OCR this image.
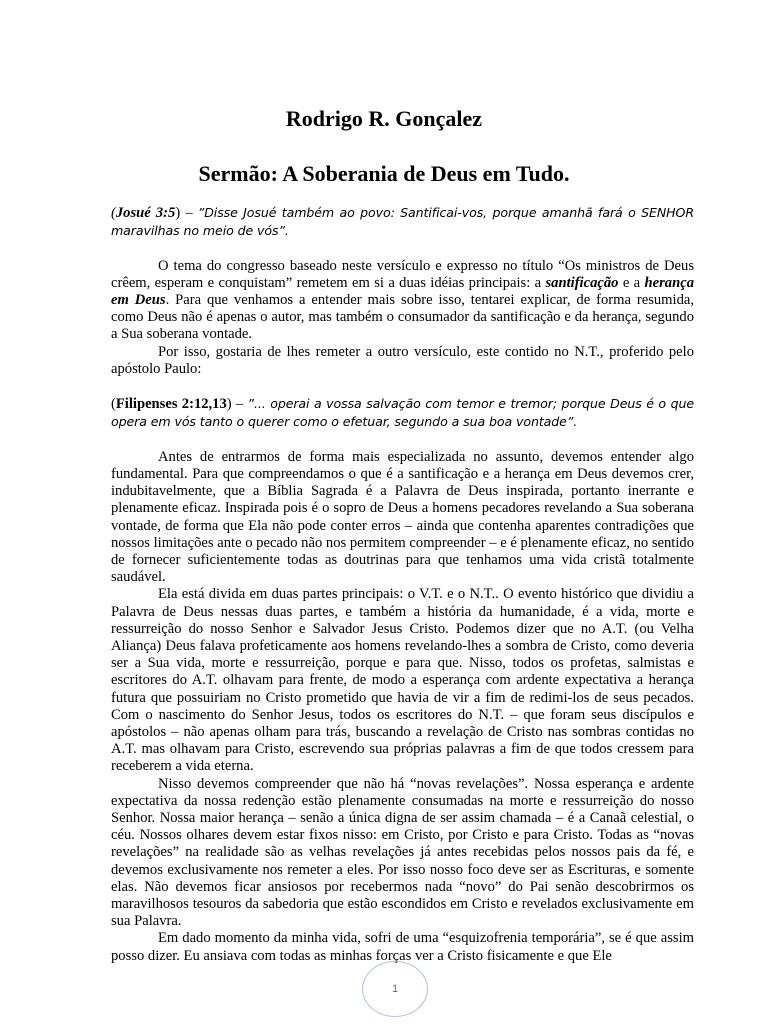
Rodrigo R. Gonçalez
Sermão: A Soberania de Deus em Tudo.

(Josué 3:5) – ”Disse Josué também ao povo: Santificai-vos, porque amanhã fará o SENHOR maravilhas no meio de vós”.

O tema do congresso baseado neste versículo e expresso no título “Os ministros de Deus crêem, esperam e conquistam” remetem em si a duas idéias principais: a santificação e a herança em Deus. Para que venhamos a entender mais sobre isso, tentarei explicar, de forma resumida, como Deus não é apenas o autor, mas também o consumador da santificação e da herança, segundo a Sua soberana vontade.

Por isso, gostaria de lhes remeter a outro versículo, este contido no N.T., proferido pelo apóstolo Paulo:

(Filipenses 2:12,13) – ”... operai a vossa salvação com temor e tremor; porque Deus é o que opera em vós tanto o querer como o efetuar, segundo a sua boa vontade”.

Antes de entrarmos de forma mais especializada no assunto, devemos entender algo fundamental. Para que compreendamos o que é a santificação e a herança em Deus devemos crer, indubitavelmente, que a Bíblia Sagrada é a Palavra de Deus inspirada, portanto inerrante e plenamente eficaz. Inspirada pois é o sopro de Deus a homens pecadores revelando a Sua soberana vontade, de forma que Ela não pode conter erros – ainda que contenha aparentes contradições que nossos limitações ante o pecado não nos permitem compreender – e é plenamente eficaz, no sentido de fornecer suficientemente todas as doutrinas para que tenhamos uma vida cristã totalmente saudável.

Ela está divida em duas partes principais: o V.T. e o N.T.. O evento histórico que dividiu a Palavra de Deus nessas duas partes, e também a história da humanidade, é a vida, morte e ressurreição do nosso Senhor e Salvador Jesus Cristo. Podemos dizer que no A.T. (ou Velha Aliança) Deus falava profeticamente aos homens revelando-lhes a sombra de Cristo, como deveria ser a Sua vida, morte e ressurreição, porque e para que. Nisso, todos os profetas, salmistas e escritores do A.T. olhavam para frente, de modo a esperança com ardente expectativa a herança futura que possuiriam no Cristo prometido que havia de vir a fim de redimi-los de seus pecados. Com o nascimento do Senhor Jesus, todos os escritores do N.T. – que foram seus discípulos e apóstolos – não apenas olham para trás, buscando a revelação de Cristo nas sombras contidas no A.T. mas olhavam para Cristo, escrevendo sua próprias palavras a fim de que todos cressem para receberem a vida eterna.

Nisso devemos compreender que não há “novas revelações”. Nossa esperança e ardente expectativa da nossa redenção estão plenamente consumadas na morte e ressurreição do nosso Senhor. Nossa maior herança – senão a única digna de ser assim chamada – é a Canaã celestial, o céu. Nossos olhares devem estar fixos nisso: em Cristo, por Cristo e para Cristo. Todas as “novas revelações” na realidade são as velhas revelações já antes recebidas pelos nossos pais da fé, e devemos exclusivamente nos remeter a eles. Por isso nosso foco deve ser as Escrituras, e somente elas. Não devemos ficar ansiosos por recebermos nada “novo” do Pai senão descobrirmos os maravilhosos tesouros da sabedoria que estão escondidos em Cristo e revelados exclusivamente em sua Palavra.

Em dado momento da minha vida, sofri de uma “esquizofrenia temporária”, se é que assim posso dizer. Eu ansiava com todas as minhas forças ver a Cristo fisicamente e que Ele

1
